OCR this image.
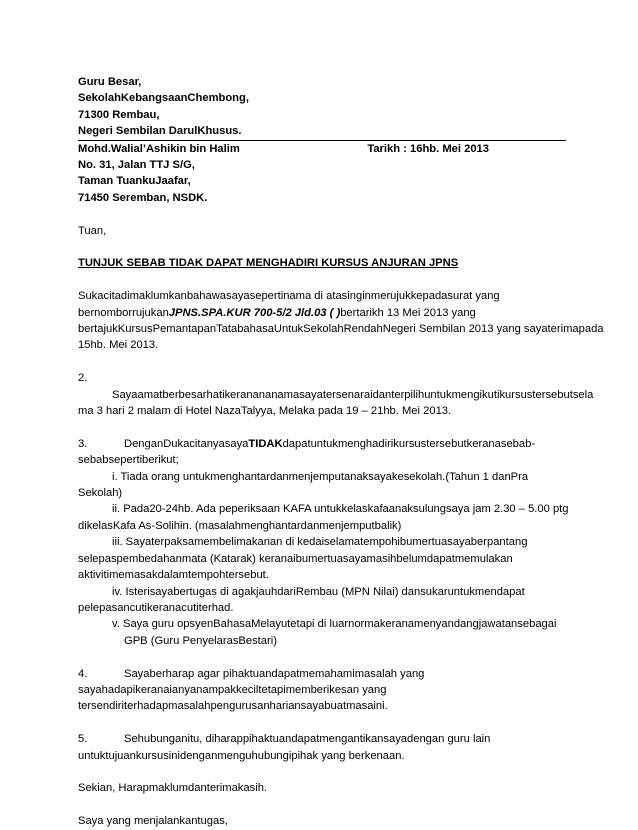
Guru Besar,
SekolahKebangsaanChembong,
71300 Rembau,
Negeri Sembilan DarulKhusus.
Mohd.Walial’Ashikin bin Halim	Tarikh : 16hb. Mei 2013
No. 31, Jalan TTJ S/G,
Taman TuankuJaafar,
71450 Seremban, NSDK.
Tuan,
TUNJUK SEBAB TIDAK DAPAT MENGHADIRI KURSUS ANJURAN JPNS
Sukacitadimaklumkanbahawasayasepertinama di atasinginmerujukkepadasurat yang
bernomborrujukanJPNS.SPA.KUR 700-5/2 Jld.03 ( )bertarikh 13 Mei 2013 yang
bertajukKursusPemantapanTatabahasaUntukSekolahRendahNegeri Sembilan 2013 yang sayaterimapada
15hb. Mei 2013.
2.
Sayaamatberbesarhatikeranananamasayatersenaraidanterpilihuntukmengikutikursustersebutsela
ma 3 hari 2 malam di Hotel NazaTalyya, Melaka pada 19 – 21hb. Mei 2013.
3.	DenganDukacitanyasayaTIDAKdapatuntukmenghadirikursustersebutkeranasebab-
sebabsepertiberikut;
i. Tiada orang untukmenghantardanmenjemputanaksayakesekolah.(Tahun 1 danPra
Sekolah)
ii. Pada20-24hb. Ada peperiksaan KAFA untukkelaskafaanaksulungsaya jam 2.30 – 5.00 ptg
dikelasKafa As-Solihin. (masalahmenghantardanmenjemputbalik)
iii. Sayaterpaksamembelimakanan di kedaiselamatempohibumertuasayaberpantang
selepaspembedahanmata (Katarak) keranaibumertuasayamasihbelumdapatmemulakan
aktivitimemasakdalamtempohtersebut.
iv. Isterisayabertugas di agakjauhdariRembau (MPN Nilai) dansukaruntukmendapat
pelepasancutikeranacutiterhad.
v. Saya guru opsyenBahasaMelayutetapi di luarnormakeranamenyandangjawatansebagai
GPB (Guru PenyelarasBestari)
4.	Sayaberharap agar pihaktuandapatmemahamimasalah yang
sayahadapikeranaianyanampakkeciltetapimemberikesan yang
tersendiriterhadapmasalahpengurusanhariansayabuatmasaini.
5.	Sehubunganitu, diharappihaktuandapatmengantikansayadengan guru lain
untuktujuankursusinidenganmenguhubungipihak yang berkenaan.
Sekian, Harapmaklumdanterimakasih.
Saya yang menjalankantugas,
